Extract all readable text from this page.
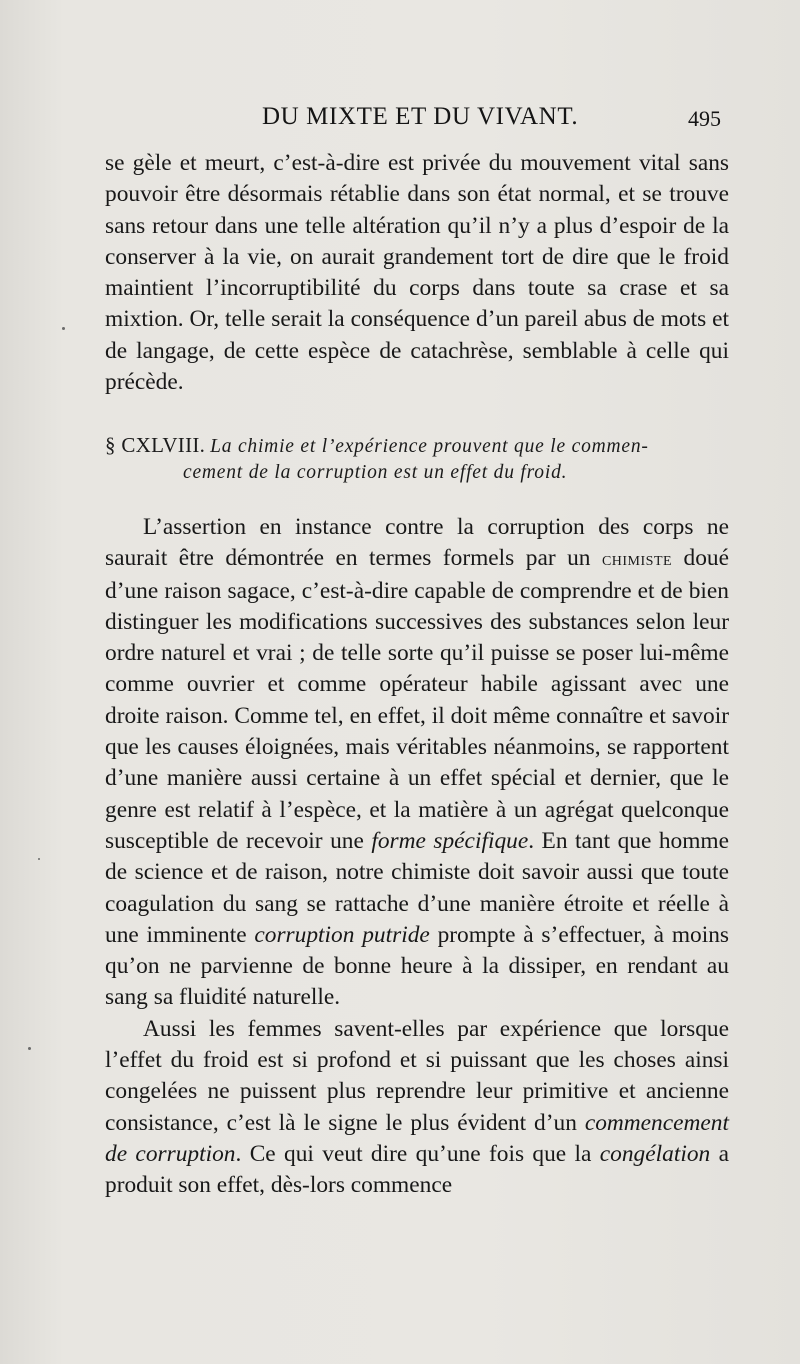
DU MIXTE ET DU VIVANT.	495

se gèle et meurt, c’est-à-dire est privée du mouvement vital sans pouvoir être désormais rétablie dans son état normal, et se trouve sans retour dans une telle altération qu’il n’y a plus d’espoir de la conserver à la vie, on aurait grandement tort de dire que le froid maintient l’incorruptibilité du corps dans toute sa crase et sa mixtion. Or, telle serait la conséquence d’un pareil abus de mots et de langage, de cette espèce de catachrèse, semblable à celle qui précède.

§ CXLVIII. La chimie et l’expérience prouvent que le commen-
cement de la corruption est un effet du froid.

L’assertion en instance contre la corruption des corps ne saurait être démontrée en termes formels par un chimiste doué d’une raison sagace, c’est-à-dire capable de comprendre et de bien distinguer les modifications successives des substances selon leur ordre naturel et vrai ; de telle sorte qu’il puisse se poser lui-même comme ouvrier et comme opérateur habile agissant avec une droite raison. Comme tel, en effet, il doit même connaître et savoir que les causes éloignées, mais véritables néanmoins, se rapportent d’une manière aussi certaine à un effet spécial et dernier, que le genre est relatif à l’espèce, et la matière à un agrégat quelconque susceptible de recevoir une forme spécifique. En tant que homme de science et de raison, notre chimiste doit savoir aussi que toute coagulation du sang se rattache d’une manière étroite et réelle à une imminente corruption putride prompte à s’effectuer, à moins qu’on ne parvienne de bonne heure à la dissiper, en rendant au sang sa fluidité naturelle.

Aussi les femmes savent-elles par expérience que lorsque l’effet du froid est si profond et si puissant que les choses ainsi congelées ne puissent plus reprendre leur primitive et ancienne consistance, c’est là le signe le plus évident d’un commencement de corruption. Ce qui veut dire qu’une fois que la congélation a produit son effet, dès-lors commence
